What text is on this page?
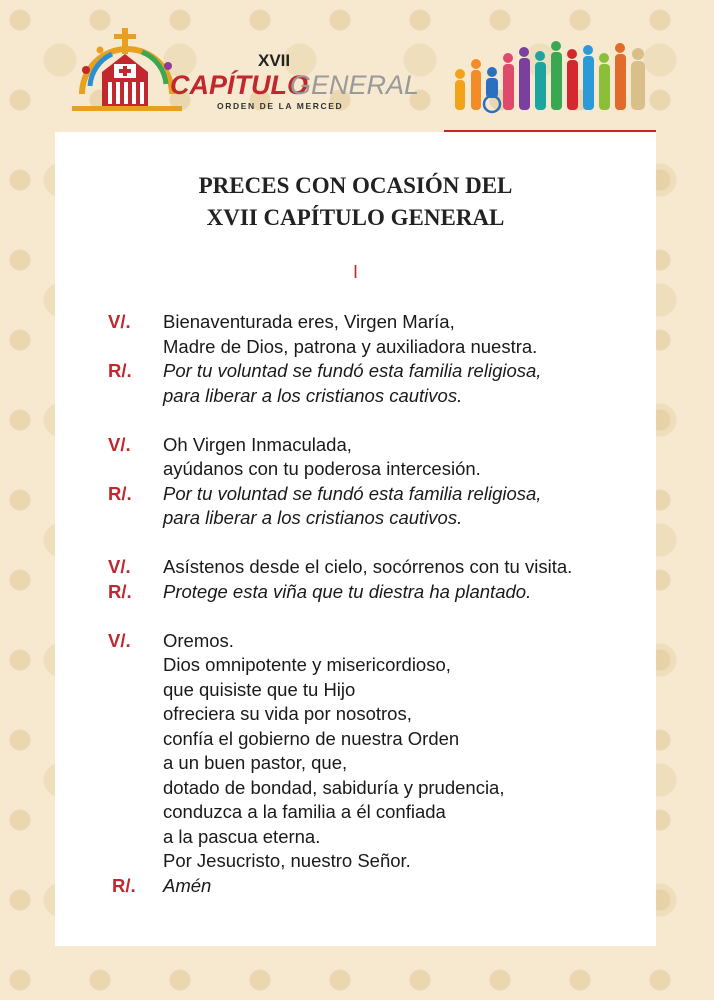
XVII
CAPÍTULO
GENERAL
ORDEN DE LA MERCED
PRECES CON OCASIÓN DEL
XVII CAPÍTULO GENERAL
I
V/. Bienaventurada eres, Virgen María,
Madre de Dios, patrona y auxiliadora nuestra.
R/. Por tu voluntad se fundó esta familia religiosa,
para liberar a los cristianos cautivos.
V/. Oh Virgen Inmaculada,
ayúdanos con tu poderosa intercesión.
R/. Por tu voluntad se fundó esta familia religiosa,
para liberar a los cristianos cautivos.
V/. Asístenos desde el cielo, socórrenos con tu visita.
R/. Protege esta viña que tu diestra ha plantado.
V/. Oremos.
Dios omnipotente y misericordioso,
que quisiste que tu Hijo
ofreciera su vida por nosotros,
confía el gobierno de nuestra Orden
a un buen pastor, que,
dotado de bondad, sabiduría y prudencia,
conduzca a la familia a él confiada
a la pascua eterna.
Por Jesucristo, nuestro Señor.
R/. Amén
